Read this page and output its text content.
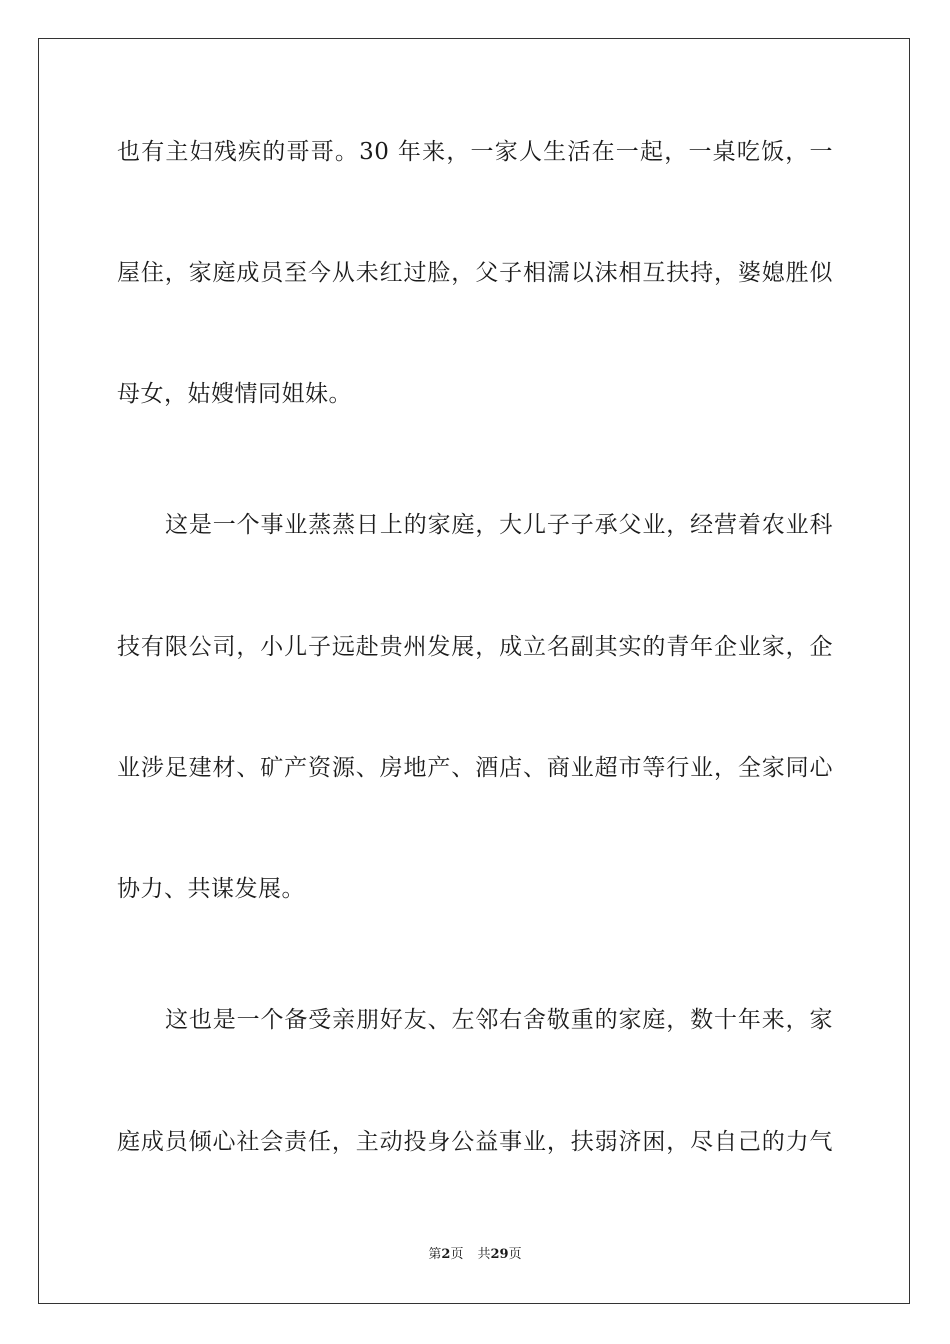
也有主妇残疾的哥哥。30 年来，一家人生活在一起，一桌吃饭，一
屋住，家庭成员至今从未红过脸，父子相濡以沫相互扶持，婆媳胜似
母女，姑嫂情同姐妹。
这是一个事业蒸蒸日上的家庭，大儿子子承父业，经营着农业科
技有限公司，小儿子远赴贵州发展，成立名副其实的青年企业家，企
业涉足建材、矿产资源、房地产、酒店、商业超市等行业，全家同心
协力、共谋发展。
这也是一个备受亲朋好友、左邻右舍敬重的家庭，数十年来，家
庭成员倾心社会责任，主动投身公益事业，扶弱济困，尽自己的力气
第2页 共29页
